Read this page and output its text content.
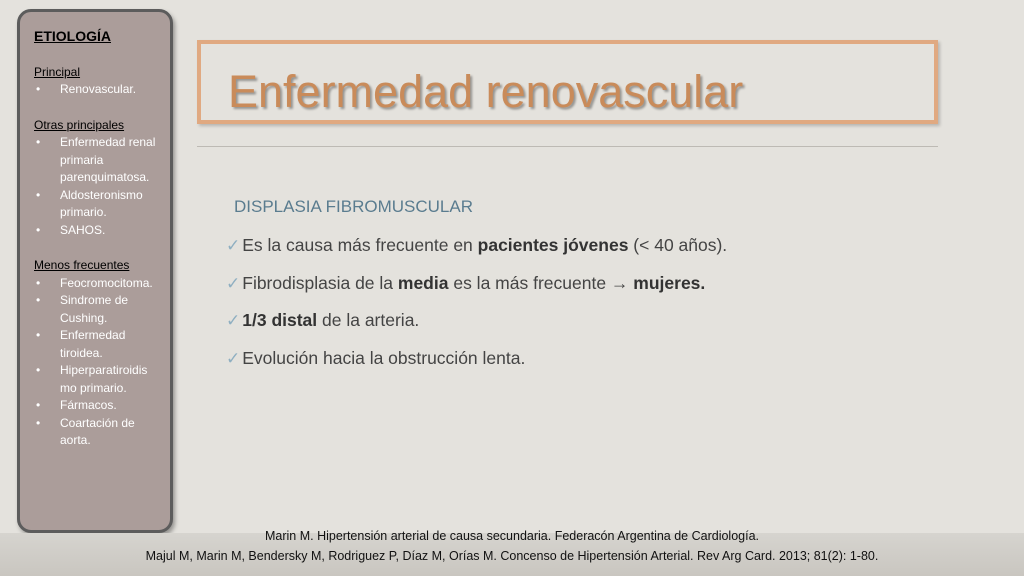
ETIOLOGÍA
Principal
• Renovascular.
Otras principales
• Enfermedad renal primaria parenquimatosa.
• Aldosteronismo primario.
• SAHOS.
Menos frecuentes
• Feocromocitoma.
• Sindrome de Cushing.
• Enfermedad tiroidea.
• Hiperparatiroidis mo primario.
• Fármacos.
• Coartación de aorta.
Enfermedad renovascular
DISPLASIA FIBROMUSCULAR
✓ Es la causa más frecuente en pacientes jóvenes (< 40 años).
✓ Fibrodisplasia de la media es la más frecuente → mujeres.
✓ 1/3 distal de la arteria.
✓ Evolución hacia la obstrucción lenta.
Marin M. Hipertensión arterial de causa secundaria. Federacón Argentina de Cardiología.
Majul M, Marin M, Bendersky M, Rodriguez P, Díaz M, Orías M. Concenso de Hipertensión Arterial. Rev Arg Card. 2013; 81(2): 1-80.
